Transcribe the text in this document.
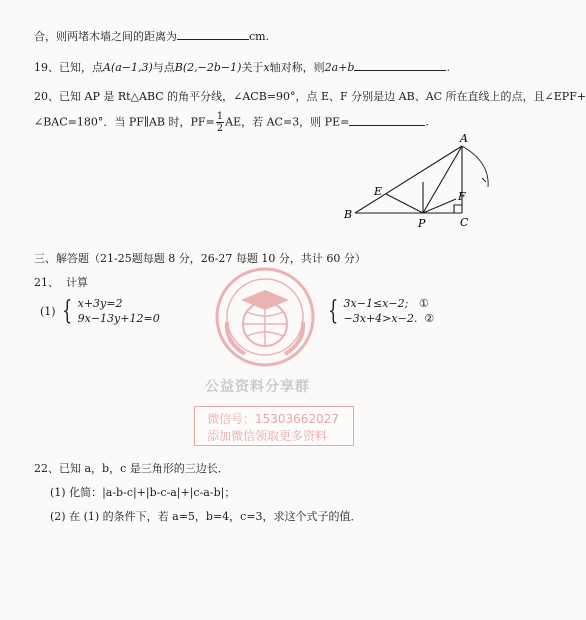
合，则两堵木墙之间的距离为	cm.
19、已知，点A(a−1,3)与点B(2,−2b−1)关于x轴对称，则2a+b	.
20、已知 AP 是 Rt△ABC 的角平分线，∠ACB=90°，点 E、F 分别是边 AB、AC 所在直线上的点，且∠EPF+
∠BAC=180°．当 PF∥AB 时，$PF= \frac{1}{2}$ AE，若 AC=3，则 PE=	.
A
B
C
E	F
P
三、解答题（21-25题每题 8 分，26-27 每题 10 分，共计 60 分）
21、 计算
(1) { x+3y=2
9x−13y+12=0	{ 3x−1≤x−2; ①
−3x+4>x−2. ②
公益资料分享群
微信号：15303662027
添加微信领取更多资料
22、已知 a，b，c 是三角形的三边长．
(1) 化简：|a-b-c|+|b-c-a|+|c-a-b|；
(2) 在 (1) 的条件下，若 a=5，b=4，c=3，求这个式子的值．
